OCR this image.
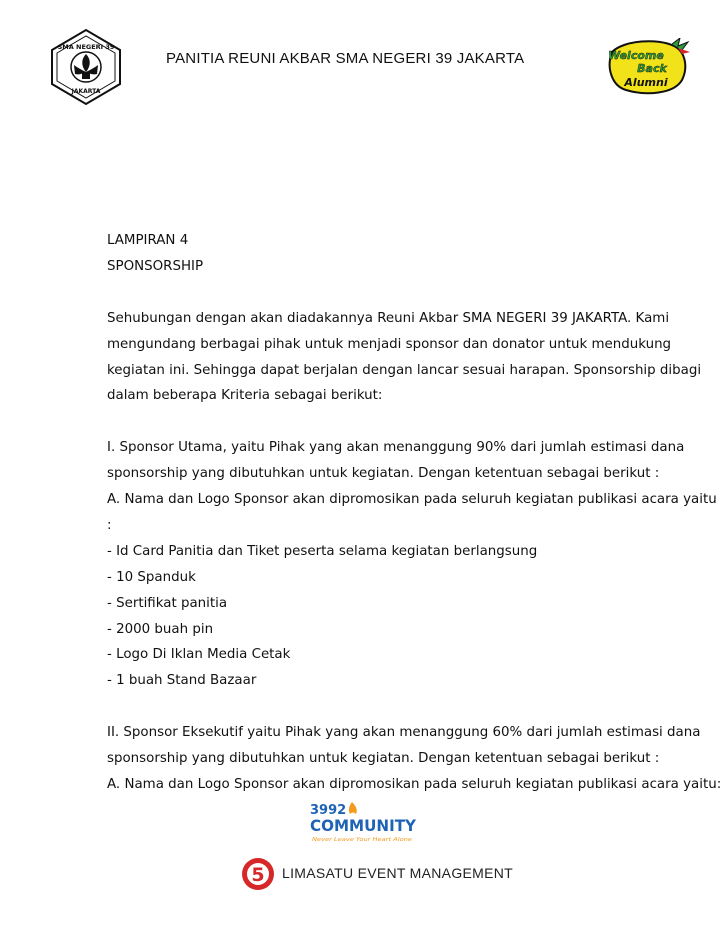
SMA NEGERI 39
JAKARTA
PANITIA REUNI AKBAR SMA NEGERI 39 JAKARTA	Welcome
Back
Alumni

LAMPIRAN 4

SPONSORSHIP

Sehubungan dengan akan diadakannya Reuni Akbar SMA NEGERI 39 JAKARTA. Kami

mengundang berbagai pihak untuk menjadi sponsor dan donator untuk mendukung

kegiatan ini. Sehingga dapat berjalan dengan lancar sesuai harapan. Sponsorship dibagi

dalam beberapa Kriteria sebagai berikut:

I. Sponsor Utama, yaitu Pihak yang akan menanggung 90% dari jumlah estimasi dana

sponsorship yang dibutuhkan untuk kegiatan. Dengan ketentuan sebagai berikut :

A. Nama dan Logo Sponsor akan dipromosikan pada seluruh kegiatan publikasi acara yaitu

:

- Id Card Panitia dan Tiket peserta selama kegiatan berlangsung

- 10 Spanduk

- Sertifikat panitia

- 2000 buah pin

- Logo Di Iklan Media Cetak

- 1 buah Stand Bazaar

II. Sponsor Eksekutif yaitu Pihak yang akan menanggung 60% dari jumlah estimasi dana

sponsorship yang dibutuhkan untuk kegiatan. Dengan ketentuan sebagai berikut :

A. Nama dan Logo Sponsor akan dipromosikan pada seluruh kegiatan publikasi acara yaitu:

3992
COMMUNITY
Never Leave Your Heart Alone
5 LIMASATU EVENT MANAGEMENT
